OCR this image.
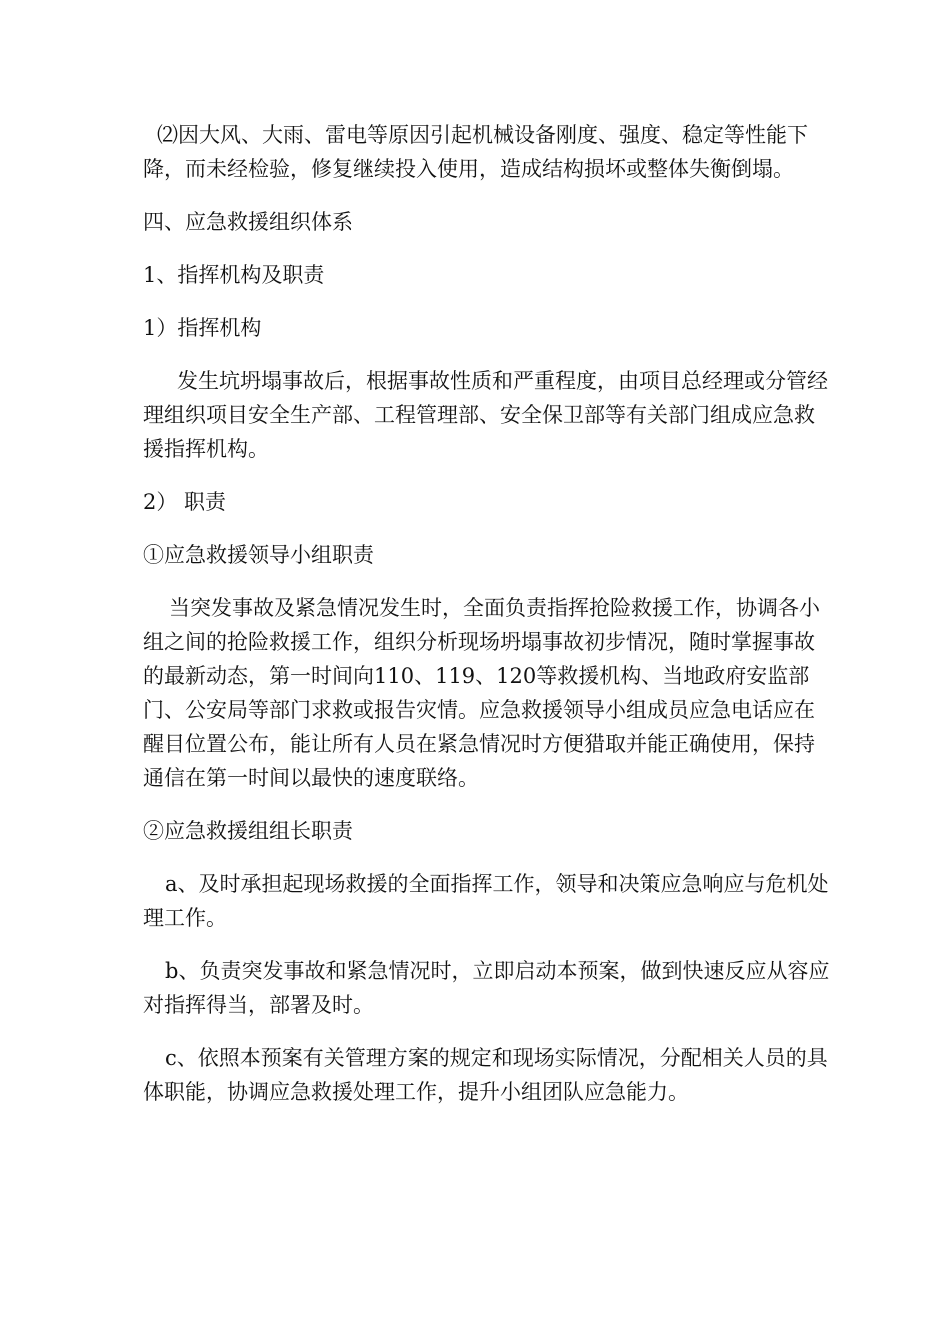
⑵因大风、大雨、雷电等原因引起机械设备刚度、强度、稳定等性能下降，而未经检验，修复继续投入使用，造成结构损坏或整体失衡倒塌。

四、应急救援组织体系

1、指挥机构及职责

1）指挥机构

发生坑坍塌事故后，根据事故性质和严重程度，由项目总经理或分管经理组织项目安全生产部、工程管理部、安全保卫部等有关部门组成应急救援指挥机构。

2） 职责

①应急救援领导小组职责

当突发事故及紧急情况发生时，全面负责指挥抢险救援工作，协调各小组之间的抢险救援工作，组织分析现场坍塌事故初步情况，随时掌握事故的最新动态，第一时间向110、119、120等救援机构、当地政府安监部门、公安局等部门求救或报告灾情。应急救援领导小组成员应急电话应在醒目位置公布，能让所有人员在紧急情况时方便猎取并能正确使用，保持通信在第一时间以最快的速度联络。

②应急救援组组长职责

a、及时承担起现场救援的全面指挥工作，领导和决策应急响应与危机处理工作。

b、负责突发事故和紧急情况时，立即启动本预案，做到快速反应从容应对指挥得当，部署及时。

c、依照本预案有关管理方案的规定和现场实际情况，分配相关人员的具体职能，协调应急救援处理工作，提升小组团队应急能力。
